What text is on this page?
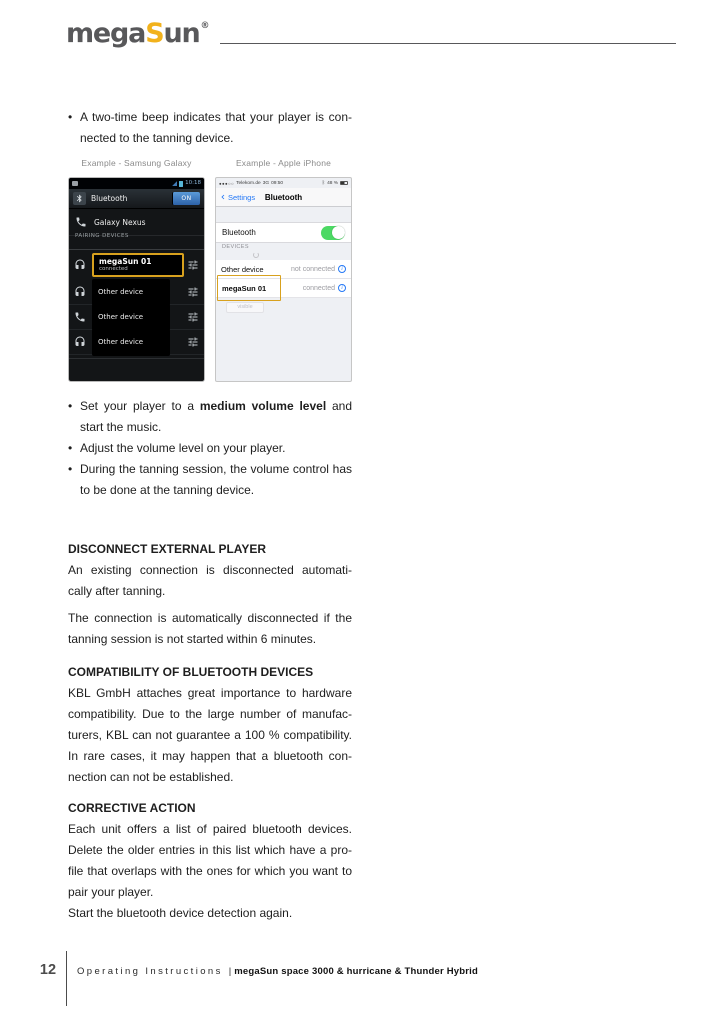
megaSun®
• A two-time beep indicates that your player is con-
nected to the tanning device.
Example - Samsung Galaxy	Example - Apple iPhone
10:18
Bluetooth	ON
Galaxy Nexus
PAIRING DEVICES
megaSun 01
connected
Other device
Other device
Other device
●●●○○ Telekom.de 3G 09:50	ᛒ 48 %
Settings	Bluetooth
Bluetooth
DEVICES
Other device	not connected	i
megaSun 01	connected	i
visible
• Set your player to a medium volume level and
start the music.
• Adjust the volume level on your player.
• During the tanning session, the volume control has
to be done at the tanning device.
DISCONNECT EXTERNAL PLAYER
An existing connection is disconnected automati-
cally after tanning.
The connection is automatically disconnected if the
tanning session is not started within 6 minutes.
COMPATIBILITY OF BLUETOOTH DEVICES
KBL GmbH attaches great importance to hardware
compatibility. Due to the large number of manufac-
turers, KBL can not guarantee a 100 % compatibility.
In rare cases, it may happen that a bluetooth con-
nection can not be established.
CORRECTIVE ACTION
Each unit offers a list of paired bluetooth devices.
Delete the older entries in this list which have a pro-
file that overlaps with the ones for which you want to
pair your player.
Start the bluetooth device detection again.
12	Operating Instructions | megaSun space 3000 & hurricane & Thunder Hybrid
